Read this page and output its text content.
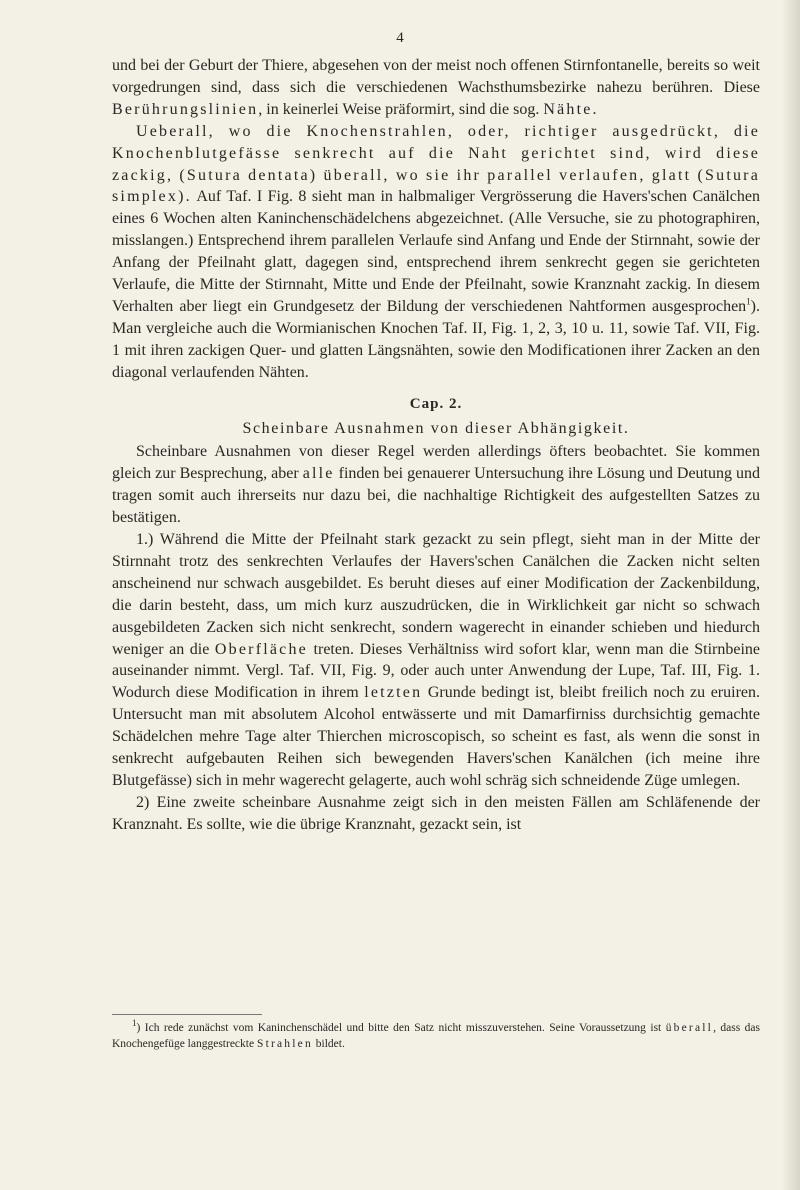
4

und bei der Geburt der Thiere, abgesehen von der meist noch offenen Stirnfontanelle, bereits so weit vorgedrungen sind, dass sich die verschiedenen Wachsthumsbezirke nahezu berühren. Diese Berührungslinien, in keinerlei Weise präformirt, sind die sog. Nähte.

Ueberall, wo die Knochenstrahlen, oder, richtiger ausgedrückt, die Knochenblutgefässe senkrecht auf die Naht gerichtet sind, wird diese zackig, (Sutura dentata) überall, wo sie ihr parallel verlaufen, glatt (Sutura simplex). Auf Taf. I Fig. 8 sieht man in halbmaliger Vergrösserung die Havers'schen Canälchen eines 6 Wochen alten Kaninchenschädelchens abgezeichnet. (Alle Versuche, sie zu photographiren, misslangen.) Entsprechend ihrem parallelen Verlaufe sind Anfang und Ende der Stirnnaht, sowie der Anfang der Pfeilnaht glatt, dagegen sind, entsprechend ihrem senkrecht gegen sie gerichteten Verlaufe, die Mitte der Stirnnaht, Mitte und Ende der Pfeilnaht, sowie Kranznaht zackig. In diesem Verhalten aber liegt ein Grundgesetz der Bildung der verschiedenen Nahtformen ausgesprochen$^1$). Man vergleiche auch die Wormianischen Knochen Taf. II, Fig. 1, 2, 3, 10 u. 11, sowie Taf. VII, Fig. 1 mit ihren zackigen Quer- und glatten Längsnähten, sowie den Modificationen ihrer Zacken an den diagonal verlaufenden Nähten.

Cap. 2.
Scheinbare Ausnahmen von dieser Abhängigkeit.

Scheinbare Ausnahmen von dieser Regel werden allerdings öfters beobachtet. Sie kommen gleich zur Besprechung, aber alle finden bei genauerer Untersuchung ihre Lösung und Deutung und tragen somit auch ihrerseits nur dazu bei, die nachhaltige Richtigkeit des aufgestellten Satzes zu bestätigen.

1.) Während die Mitte der Pfeilnaht stark gezackt zu sein pflegt, sieht man in der Mitte der Stirnnaht trotz des senkrechten Verlaufes der Havers'schen Canälchen die Zacken nicht selten anscheinend nur schwach ausgebildet. Es beruht dieses auf einer Modification der Zackenbildung, die darin besteht, dass, um mich kurz auszudrücken, die in Wirklichkeit gar nicht so schwach ausgebildeten Zacken sich nicht senkrecht, sondern wagerecht in einander schieben und hiedurch weniger an die Oberfläche treten. Dieses Verhältniss wird sofort klar, wenn man die Stirnbeine auseinander nimmt. Vergl. Taf. VII, Fig. 9, oder auch unter Anwendung der Lupe, Taf. III, Fig. 1. Wodurch diese Modification in ihrem letzten Grunde bedingt ist, bleibt freilich noch zu eruiren. Untersucht man mit absolutem Alcohol entwässerte und mit Damarfirniss durchsichtig gemachte Schädelchen mehre Tage alter Thierchen microscopisch, so scheint es fast, als wenn die sonst in senkrecht aufgebauten Reihen sich bewegenden Havers'schen Kanälchen (ich meine ihre Blutgefässe) sich in mehr wagerecht gelagerte, auch wohl schräg sich schneidende Züge umlegen.

2) Eine zweite scheinbare Ausnahme zeigt sich in den meisten Fällen am Schläfenende der Kranznaht. Es sollte, wie die übrige Kranznaht, gezackt sein, ist

$^1$) Ich rede zunächst vom Kaninchenschädel und bitte den Satz nicht misszuverstehen. Seine Voraussetzung ist überall, dass das Knochengefüge langgestreckte Strahlen bildet.
